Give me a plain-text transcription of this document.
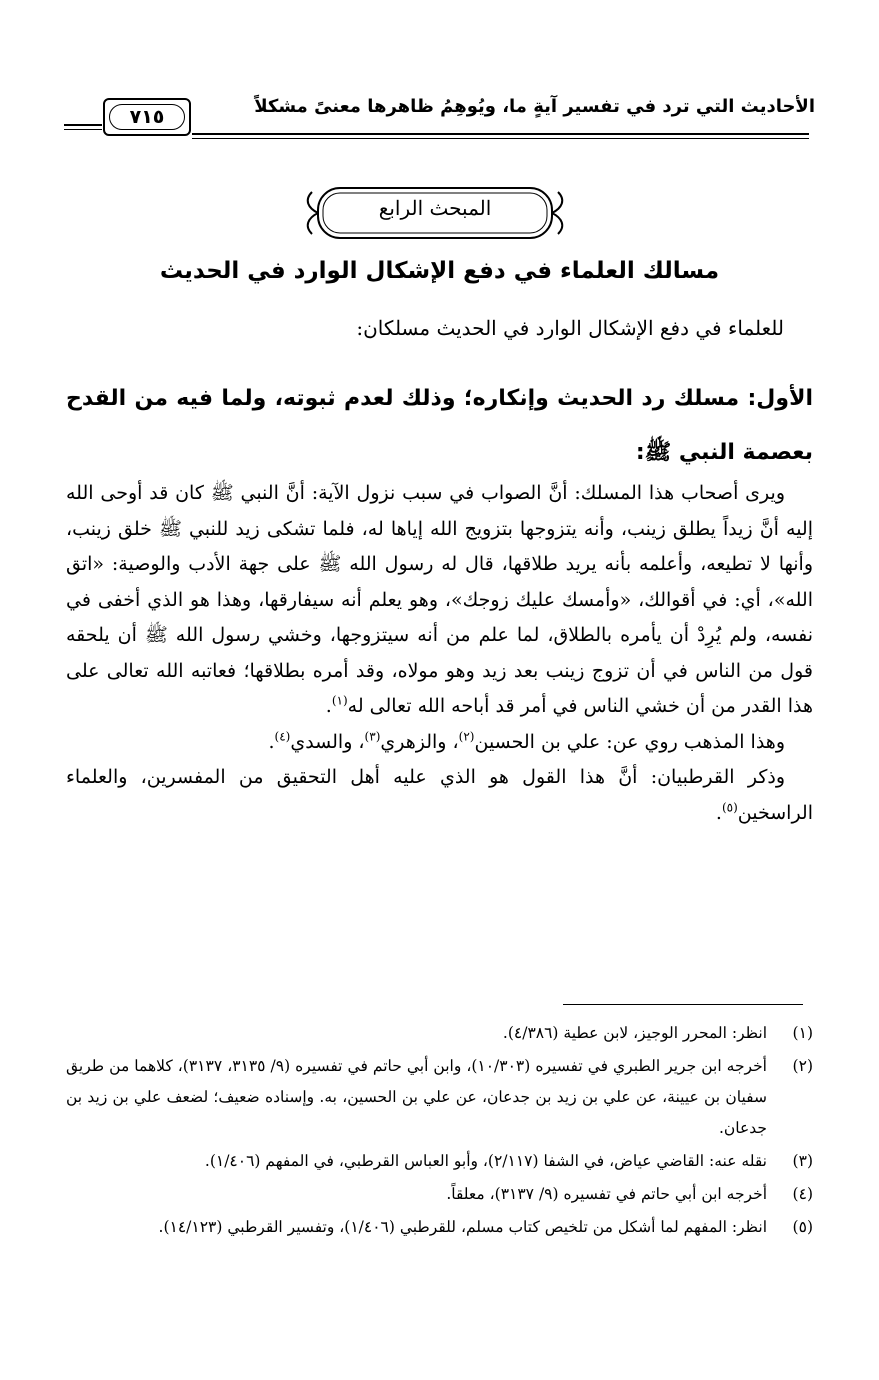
الأحاديث التي ترد في تفسير آيةٍ ما، ويُوهِمُ ظاهرها معنىً مشكلاً
٧١٥
المبحث الرابع
مسالك العلماء في دفع الإشكال الوارد في الحديث
للعلماء في دفع الإشكال الوارد في الحديث مسلكان:
الأول: مسلك رد الحديث وإنكاره؛ وذلك لعدم ثبوته، ولما فيه من القدح بعصمة النبي ﷺ:

ويرى أصحاب هذا المسلك: أنَّ الصواب في سبب نزول الآية: أنَّ النبي ﷺ كان قد أوحى الله إليه أنَّ زيداً يطلق زينب، وأنه يتزوجها بتزويج الله إياها له، فلما تشكى زيد للنبي ﷺ خلق زينب، وأنها لا تطيعه، وأعلمه بأنه يريد طلاقها، قال له رسول الله ﷺ على جهة الأدب والوصية: «اتق الله»، أي: في أقوالك، «وأمسك عليك زوجك»، وهو يعلم أنه سيفارقها، وهذا هو الذي أخفى في نفسه، ولم يُرِدْ أن يأمره بالطلاق، لما علم من أنه سيتزوجها، وخشي رسول الله ﷺ أن يلحقه قول من الناس في أن تزوج زينب بعد زيد وهو مولاه، وقد أمره بطلاقها؛ فعاتبه الله تعالى على هذا القدر من أن خشي الناس في أمر قد أباحه الله تعالى له$^{(١)}$.

وهذا المذهب روي عن: علي بن الحسين$^{(٢)}$، والزهري$^{(٣)}$، والسدي$^{(٤)}$.

وذكر القرطبيان: أنَّ هذا القول هو الذي عليه أهل التحقيق من المفسرين، والعلماء الراسخين$^{(٥)}$.

(١)
انظر: المحرر الوجيز، لابن عطية (٤/٣٨٦).
(٢)
أخرجه ابن جرير الطبري في تفسيره (١٠/٣٠٣)، وابن أبي حاتم في تفسيره (٩/ ٣١٣٥، ٣١٣٧)، كلاهما من طريق سفيان بن عيينة، عن علي بن زيد بن جدعان، عن علي بن الحسين، به. وإسناده ضعيف؛ لضعف علي بن زيد بن جدعان.
(٣)
نقله عنه: القاضي عياض، في الشفا (٢/١١٧)، وأبو العباس القرطبي، في المفهم (١/٤٠٦).
(٤)
أخرجه ابن أبي حاتم في تفسيره (٩/ ٣١٣٧)، معلقاً.
(٥)
انظر: المفهم لما أشكل من تلخيص كتاب مسلم، للقرطبي (١/٤٠٦)، وتفسير القرطبي (١٤/١٢٣).
